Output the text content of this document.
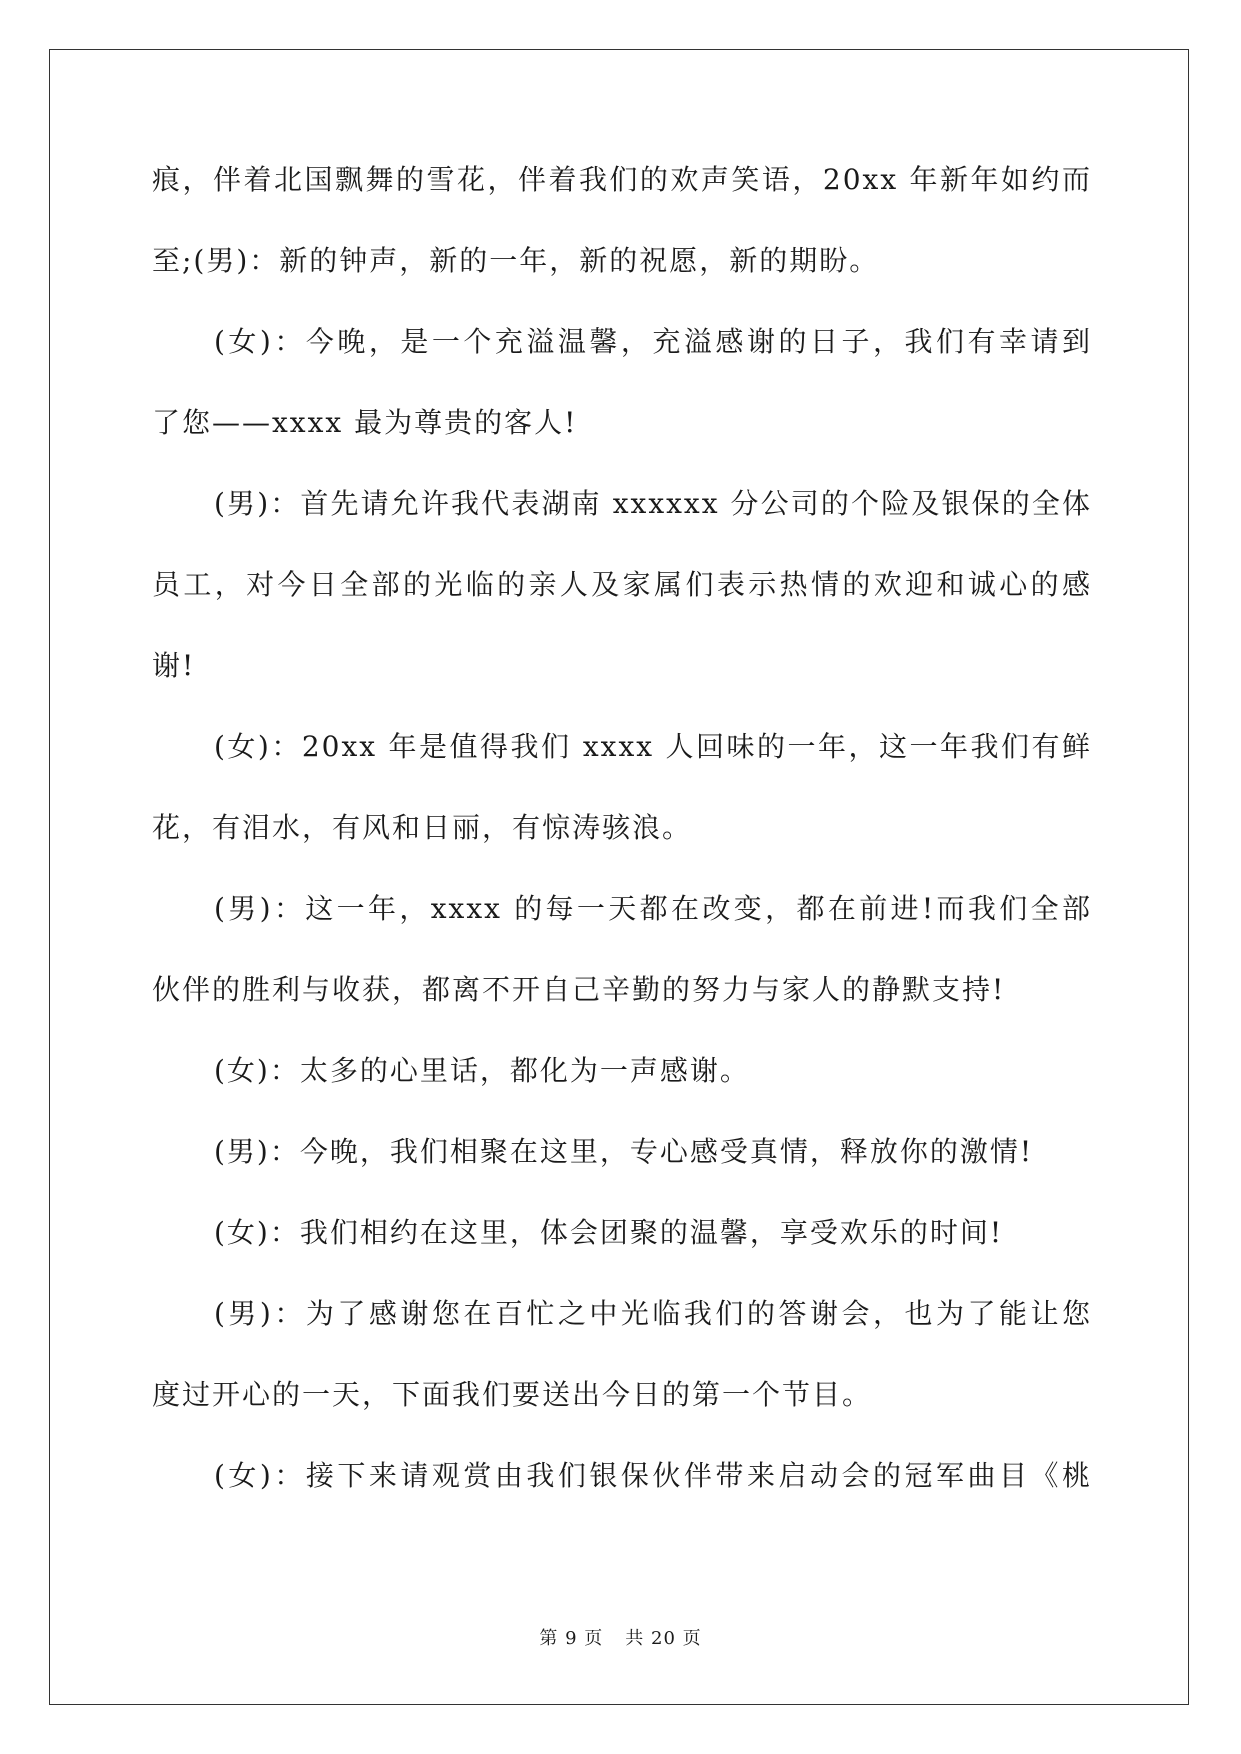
痕，伴着北国飘舞的雪花，伴着我们的欢声笑语，20xx 年新年如约而
至;(男)：新的钟声，新的一年，新的祝愿，新的期盼。
(女)：今晚，是一个充溢温馨，充溢感谢的日子，我们有幸请到
了您——xxxx 最为尊贵的客人!
(男)：首先请允许我代表湖南 xxxxxx 分公司的个险及银保的全体
员工，对今日全部的光临的亲人及家属们表示热情的欢迎和诚心的感
谢!
(女)：20xx 年是值得我们 xxxx 人回味的一年，这一年我们有鲜
花，有泪水，有风和日丽，有惊涛骇浪。
(男)：这一年，xxxx 的每一天都在改变，都在前进!而我们全部
伙伴的胜利与收获，都离不开自己辛勤的努力与家人的静默支持!
(女)：太多的心里话，都化为一声感谢。
(男)：今晚，我们相聚在这里，专心感受真情，释放你的激情!
(女)：我们相约在这里，体会团聚的温馨，享受欢乐的时间!
(男)：为了感谢您在百忙之中光临我们的答谢会，也为了能让您
度过开心的一天，下面我们要送出今日的第一个节目。
(女)：接下来请观赏由我们银保伙伴带来启动会的冠军曲目《桃
第 9 页 共 20 页
